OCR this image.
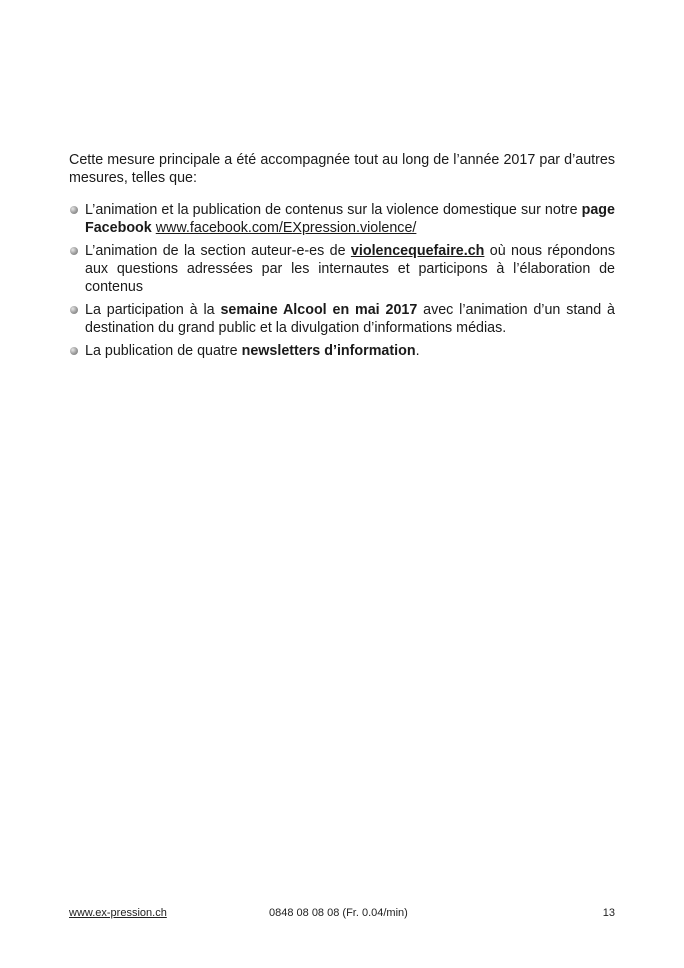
Cette mesure principale a été accompagnée tout au long de l’année 2017 par d’autres mesures, telles que:

L’animation et la publication de contenus sur la violence domestique sur notre page Facebook www.facebook.com/EXpression.violence/
L’animation de la section auteur-e-es de violencequefaire.ch où nous répondons aux questions adressées par les internautes et participons à l’élaboration de contenus
La participation à la semaine Alcool en mai 2017 avec l’animation d’un stand à destination du grand public et la divulgation d’informations médias.
La publication de quatre newsletters d’information.
www.ex-pression.ch	0848 08 08 08 (Fr. 0.04/min)	13
